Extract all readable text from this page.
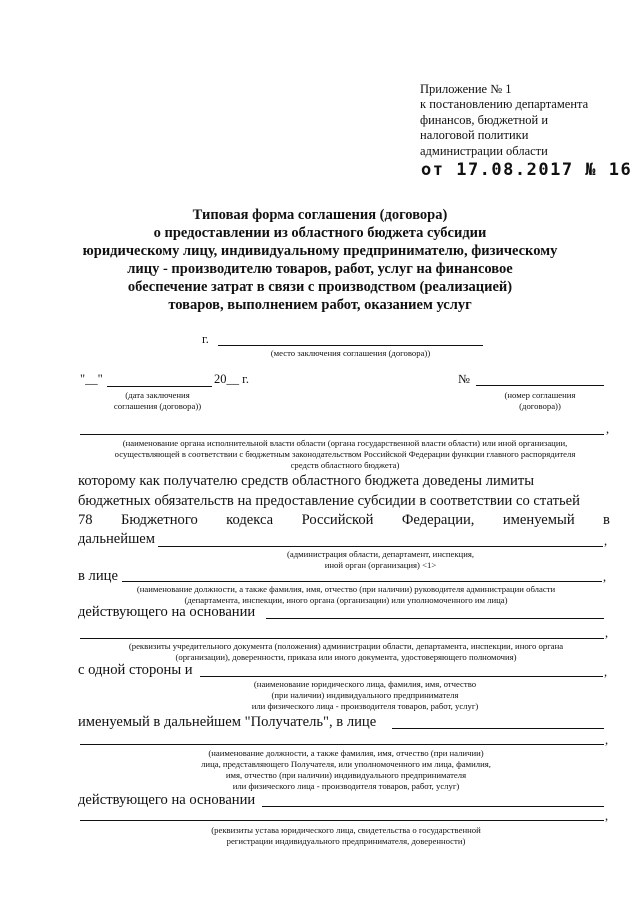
Приложение № 1
к постановлению департамента
финансов, бюджетной и
налоговой политики
администрации области
от 17.08.2017 № 16
Типовая форма соглашения (договора)
о предоставлении из областного бюджета субсидии
юридическому лицу, индивидуальному предпринимателю, физическому
лицу - производителю товаров, работ, услуг на финансовое
обеспечение затрат в связи с производством (реализацией)
товаров, выполнением работ, оказанием услуг
г.
(место заключения соглашения (договора))
"__"	20__ г.
(дата заключения
соглашения (договора))
№
(номер соглашения
(договора))
,
(наименование органа исполнительной власти области (органа государственной власти области) или иной организации,
осуществляющей в соответствии с бюджетным законодательством Российской Федерации функции главного распорядителя
средств областного бюджета)
которому как получателю средств областного бюджета доведены лимиты
бюджетных обязательств на предоставление субсидии в соответствии со статьей
78 Бюджетного кодекса Российской Федерации, именуемый в
дальнейшем	,
(администрация области, департамент, инспекция,
иной орган (организация) <1>
в лице	,
(наименование должности, а также фамилия, имя, отчество (при наличии) руководителя администрации области
(департамента, инспекции, иного органа (организации) или уполномоченного им лица)
действующего на основании
,
(реквизиты учредительного документа (положения) администрации области, департамента, инспекции, иного органа
(организации), доверенности, приказа или иного документа, удостоверяющего полномочия)
с одной стороны и	,
(наименование юридического лица, фамилия, имя, отчество
(при наличии) индивидуального предпринимателя
или физического лица - производителя товаров, работ, услуг)
именуемый в дальнейшем "Получатель", в лице
,
(наименование должности, а также фамилия, имя, отчество (при наличии)
лица, представляющего Получателя, или уполномоченного им лица, фамилия,
имя, отчество (при наличии) индивидуального предпринимателя
или физического лица - производителя товаров, работ, услуг)
действующего на основании
,
(реквизиты устава юридического лица, свидетельства о государственной
регистрации индивидуального предпринимателя, доверенности)
